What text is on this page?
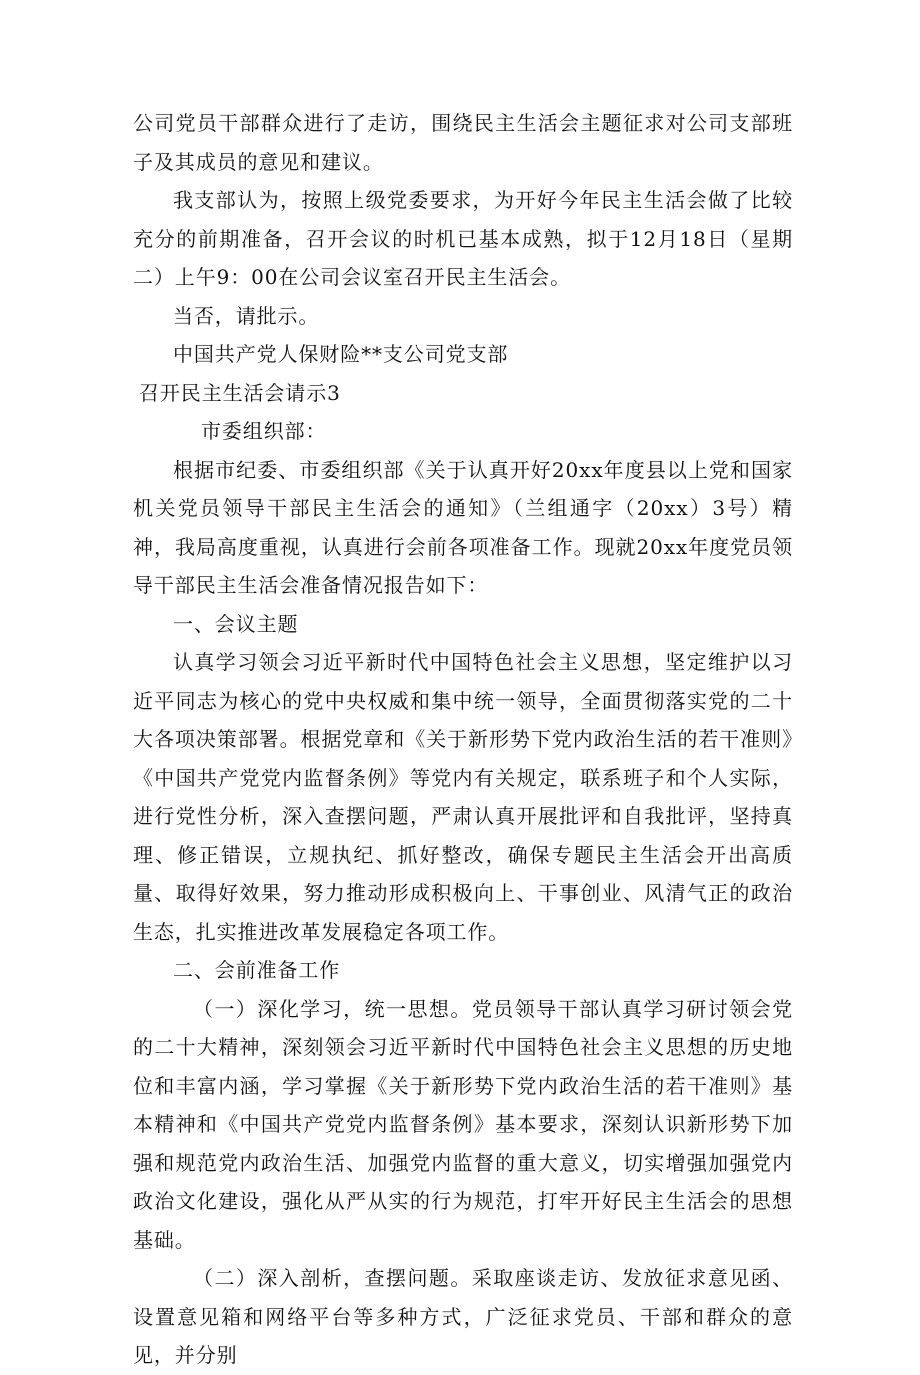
公司党员干部群众进行了走访，围绕民主生活会主题征求对公司支部班子及其成员的意见和建议。

我支部认为，按照上级党委要求，为开好今年民主生活会做了比较充分的前期准备，召开会议的时机已基本成熟，拟于12月18日（星期二）上午9：00在公司会议室召开民主生活会。

当否，请批示。

中国共产党人保财险**支公司党支部

召开民主生活会请示3

市委组织部：

根据市纪委、市委组织部《关于认真开好20xx年度县以上党和国家机关党员领导干部民主生活会的通知》（兰组通字（20xx）3号）精神，我局高度重视，认真进行会前各项准备工作。现就20xx年度党员领导干部民主生活会准备情况报告如下：

一、会议主题

认真学习领会习近平新时代中国特色社会主义思想，坚定维护以习近平同志为核心的党中央权威和集中统一领导，全面贯彻落实党的二十大各项决策部署。根据党章和《关于新形势下党内政治生活的若干准则》《中国共产党党内监督条例》等党内有关规定，联系班子和个人实际，进行党性分析，深入查摆问题，严肃认真开展批评和自我批评，坚持真理、修正错误，立规执纪、抓好整改，确保专题民主生活会开出高质量、取得好效果，努力推动形成积极向上、干事创业、风清气正的政治生态，扎实推进改革发展稳定各项工作。

二、会前准备工作

（一）深化学习，统一思想。党员领导干部认真学习研讨领会党的二十大精神，深刻领会习近平新时代中国特色社会主义思想的历史地位和丰富内涵，学习掌握《关于新形势下党内政治生活的若干准则》基本精神和《中国共产党党内监督条例》基本要求，深刻认识新形势下加强和规范党内政治生活、加强党内监督的重大意义，切实增强加强党内政治文化建设，强化从严从实的行为规范，打牢开好民主生活会的思想基础。

（二）深入剖析，查摆问题。采取座谈走访、发放征求意见函、设置意见箱和网络平台等多种方式，广泛征求党员、干部和群众的意见，并分别
